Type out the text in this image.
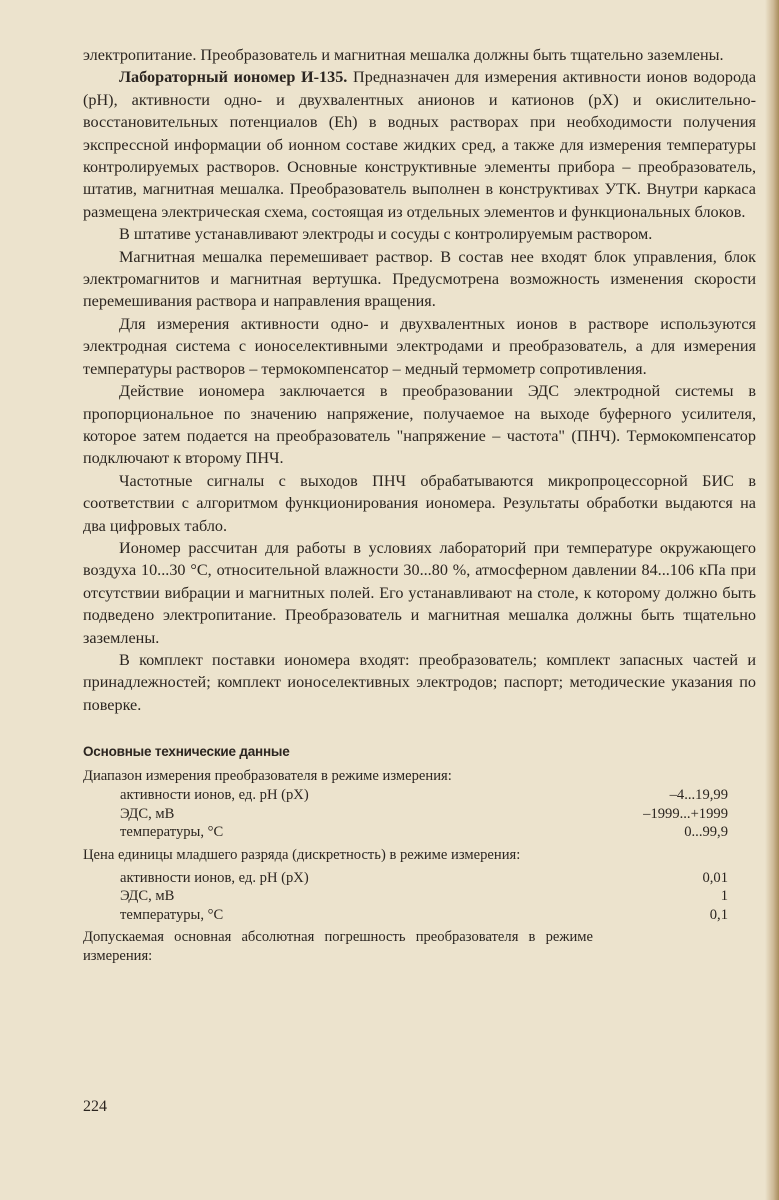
электропитание. Преобразователь и магнитная мешалка должны быть тщательно заземлены.

Лабораторный иономер И-135. Предназначен для измерения активности ионов водорода (pH), активности одно- и двухвалентных анионов и катионов (pX) и окислительно-восстановительных потенциалов (Eh) в водных растворах при необходимости получения экспрессной информации об ионном составе жидких сред, а также для измерения температуры контролируемых растворов. Основные конструктивные элементы прибора – преобразователь, штатив, магнитная мешалка. Преобразователь выполнен в конструктивах УТК. Внутри каркаса размещена электрическая схема, состоящая из отдельных элементов и функциональных блоков.

В штативе устанавливают электроды и сосуды с контролируемым раствором.

Магнитная мешалка перемешивает раствор. В состав нее входят блок управления, блок электромагнитов и магнитная вертушка. Предусмотрена возможность изменения скорости перемешивания раствора и направления вращения.

Для измерения активности одно- и двухвалентных ионов в растворе используются электродная система с ионоселективными электродами и преобразователь, а для измерения температуры растворов – термокомпенсатор – медный термометр сопротивления.

Действие иономера заключается в преобразовании ЭДС электродной системы в пропорциональное по значению напряжение, получаемое на выходе буферного усилителя, которое затем подается на преобразователь "напряжение – частота" (ПНЧ). Термокомпенсатор подключают к второму ПНЧ.

Частотные сигналы с выходов ПНЧ обрабатываются микропроцессорной БИС в соответствии с алгоритмом функционирования иономера. Результаты обработки выдаются на два цифровых табло.

Иономер рассчитан для работы в условиях лабораторий при температуре окружающего воздуха 10...30 °С, относительной влажности 30...80 %, атмосферном давлении 84...106 кПа при отсутствии вибрации и магнитных полей. Его устанавливают на столе, к которому должно быть подведено электропитание. Преобразователь и магнитная мешалка должны быть тщательно заземлены.

В комплект поставки иономера входят: преобразователь; комплект запасных частей и принадлежностей; комплект ионоселективных электродов; паспорт; методические указания по поверке.

Основные технические данные

Диапазон измерения преобразователя в режиме измерения:

активности ионов, ед. pH (pX)	–4...19,99
ЭДС, мВ	–1999...+1999
температуры, °С	0...99,9

Цена единицы младшего разряда (дискретность) в режиме измерения:

активности ионов, ед. pH (pX)	0,01
ЭДС, мВ	1
температуры, °С	0,1

Допускаемая основная абсолютная погрешность преобразователя в режиме измерения:

224
